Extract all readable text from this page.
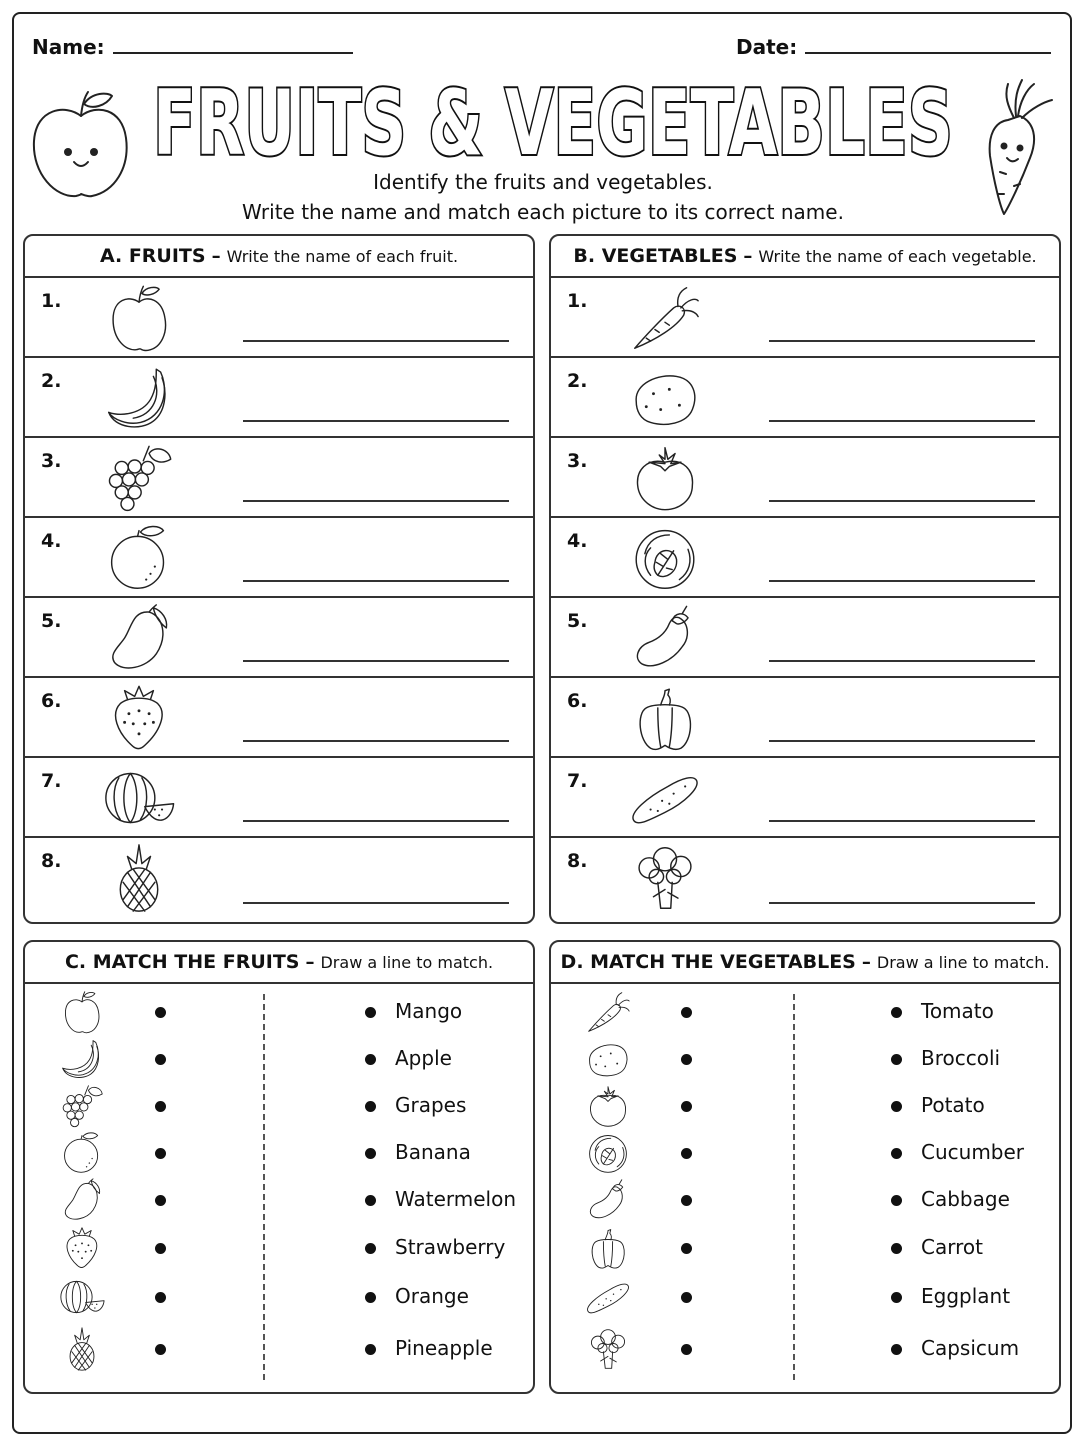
Name:	Date:
FRUITS & VEGETABLES
Identify the fruits and vegetables.
Write the name and match each picture to its correct name.
A. FRUITS – Write the name of each fruit.
1.
2.
3.
4.
5.
6.
7.
8.
B. VEGETABLES – Write the name of each vegetable.
1.
2.
3.
4.
5.
6.
7.
8.
C. MATCH THE FRUITS – Draw a line to match.
Mango
Apple
Grapes
Banana
Watermelon
Strawberry
Orange
Pineapple
D. MATCH THE VEGETABLES – Draw a line to match.
Tomato
Broccoli
Potato
Cucumber
Cabbage
Carrot
Eggplant
Capsicum
